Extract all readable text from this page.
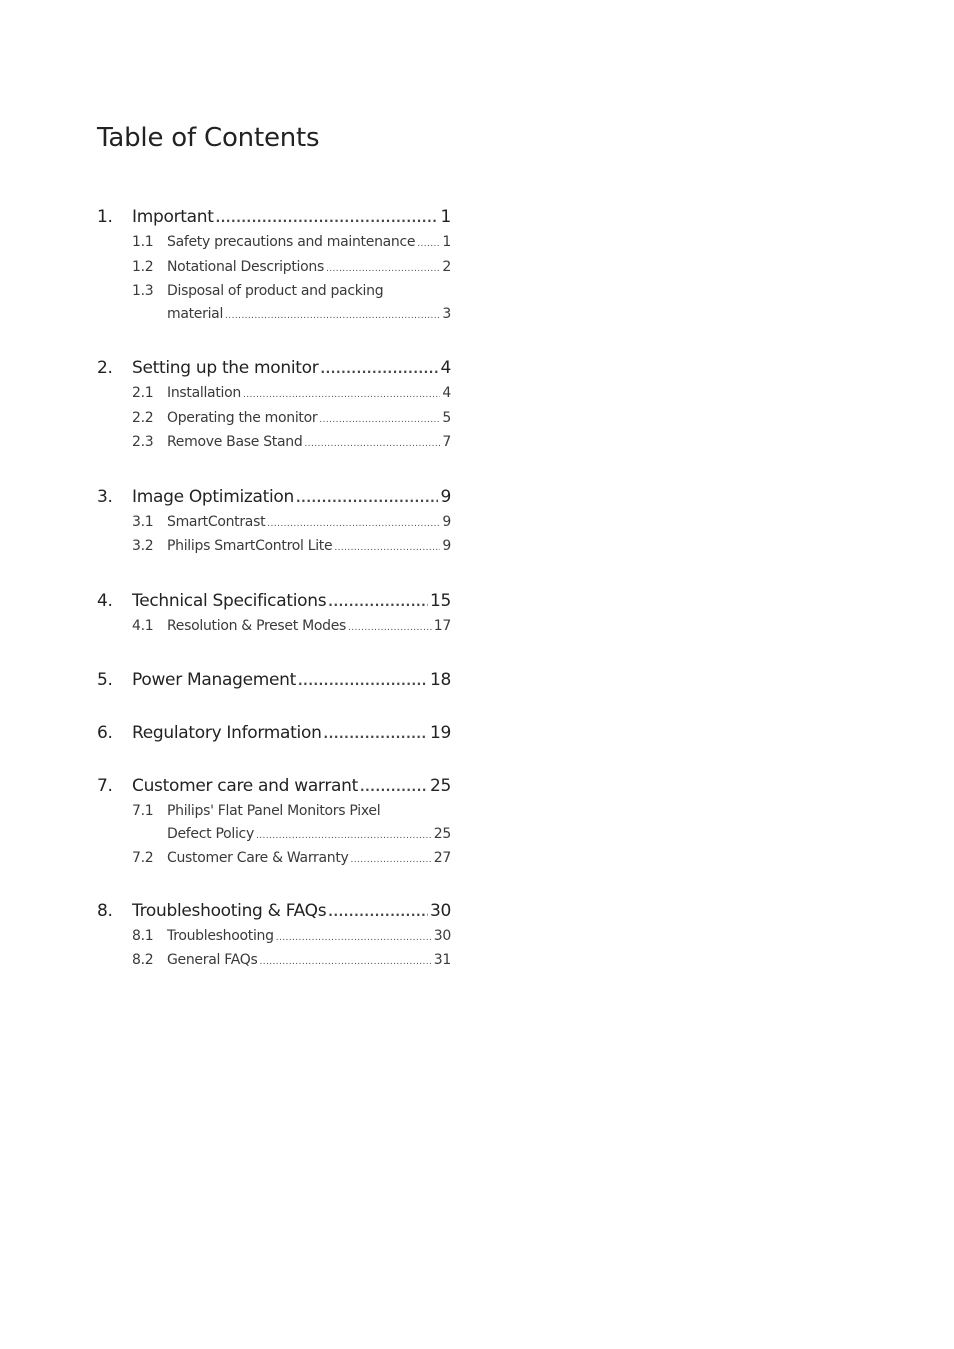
Table of Contents
1.	Important .....	1
1.1 Safety precautions and maintenance ..... 1
1.2 Notational Descriptions .....	2
1.3 Disposal of product and packing
material .....	3
2.	Setting up the monitor .....	4
2.1 Installation .....	4
2.2 Operating the monitor .....	5
2.3 Remove Base Stand .....	7
3.	Image Optimization .....	9
3.1 SmartContrast .....	9
3.2 Philips SmartControl Lite .....	9
4.	Technical Specifications .....	15
4.1 Resolution & Preset Modes .....	17
5.	Power Management .....	18
6.	Regulatory Information .....	19
7.	Customer care and warrant .....	25
7.1 Philips' Flat Panel Monitors Pixel
Defect Policy .....	25
7.2 Customer Care & Warranty .....	27
8.	Troubleshooting & FAQs .....	30
8.1 Troubleshooting .....	30
8.2 General FAQs .....	31
